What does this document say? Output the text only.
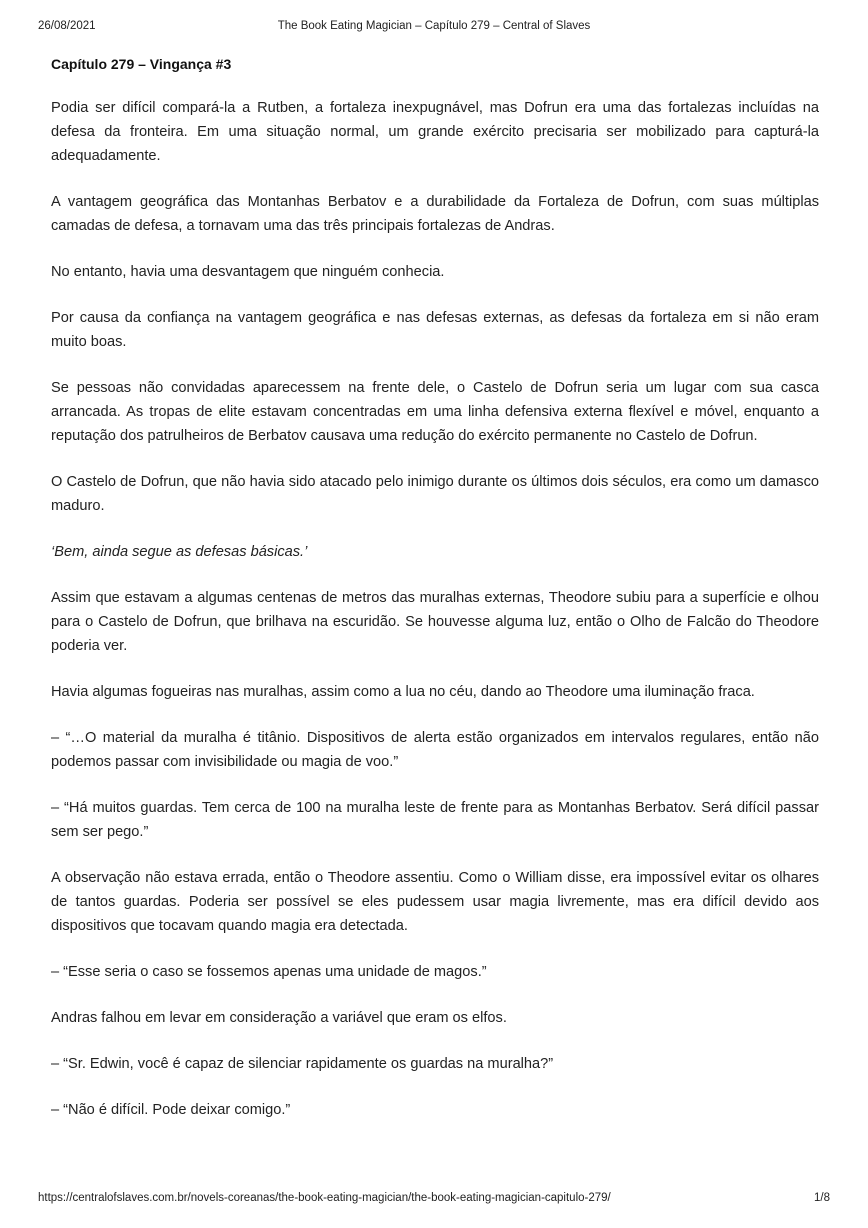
26/08/2021	The Book Eating Magician – Capítulo 279 – Central of Slaves
Capítulo 279 – Vingança #3

Podia ser difícil compará-la a Rutben, a fortaleza inexpugnável, mas Dofrun era uma das fortalezas incluídas na defesa da fronteira. Em uma situação normal, um grande exército precisaria ser mobilizado para capturá-la adequadamente.

A vantagem geográfica das Montanhas Berbatov e a durabilidade da Fortaleza de Dofrun, com suas múltiplas camadas de defesa, a tornavam uma das três principais fortalezas de Andras.

No entanto, havia uma desvantagem que ninguém conhecia.

Por causa da confiança na vantagem geográfica e nas defesas externas, as defesas da fortaleza em si não eram muito boas.

Se pessoas não convidadas aparecessem na frente dele, o Castelo de Dofrun seria um lugar com sua casca arrancada. As tropas de elite estavam concentradas em uma linha defensiva externa flexível e móvel, enquanto a reputação dos patrulheiros de Berbatov causava uma redução do exército permanente no Castelo de Dofrun.

O Castelo de Dofrun, que não havia sido atacado pelo inimigo durante os últimos dois séculos, era como um damasco maduro.

‘Bem, ainda segue as defesas básicas.’

Assim que estavam a algumas centenas de metros das muralhas externas, Theodore subiu para a superfície e olhou para o Castelo de Dofrun, que brilhava na escuridão. Se houvesse alguma luz, então o Olho de Falcão do Theodore poderia ver.

Havia algumas fogueiras nas muralhas, assim como a lua no céu, dando ao Theodore uma iluminação fraca.

– “…O material da muralha é titânio. Dispositivos de alerta estão organizados em intervalos regulares, então não podemos passar com invisibilidade ou magia de voo.”

– “Há muitos guardas. Tem cerca de 100 na muralha leste de frente para as Montanhas Berbatov. Será difícil passar sem ser pego.”

A observação não estava errada, então o Theodore assentiu. Como o William disse, era impossível evitar os olhares de tantos guardas. Poderia ser possível se eles pudessem usar magia livremente, mas era difícil devido aos dispositivos que tocavam quando magia era detectada.

– “Esse seria o caso se fossemos apenas uma unidade de magos.”

Andras falhou em levar em consideração a variável que eram os elfos.

– “Sr. Edwin, você é capaz de silenciar rapidamente os guardas na muralha?”

– “Não é difícil. Pode deixar comigo.”

https://centralofslaves.com.br/novels-coreanas/the-book-eating-magician/the-book-eating-magician-capitulo-279/	1/8
